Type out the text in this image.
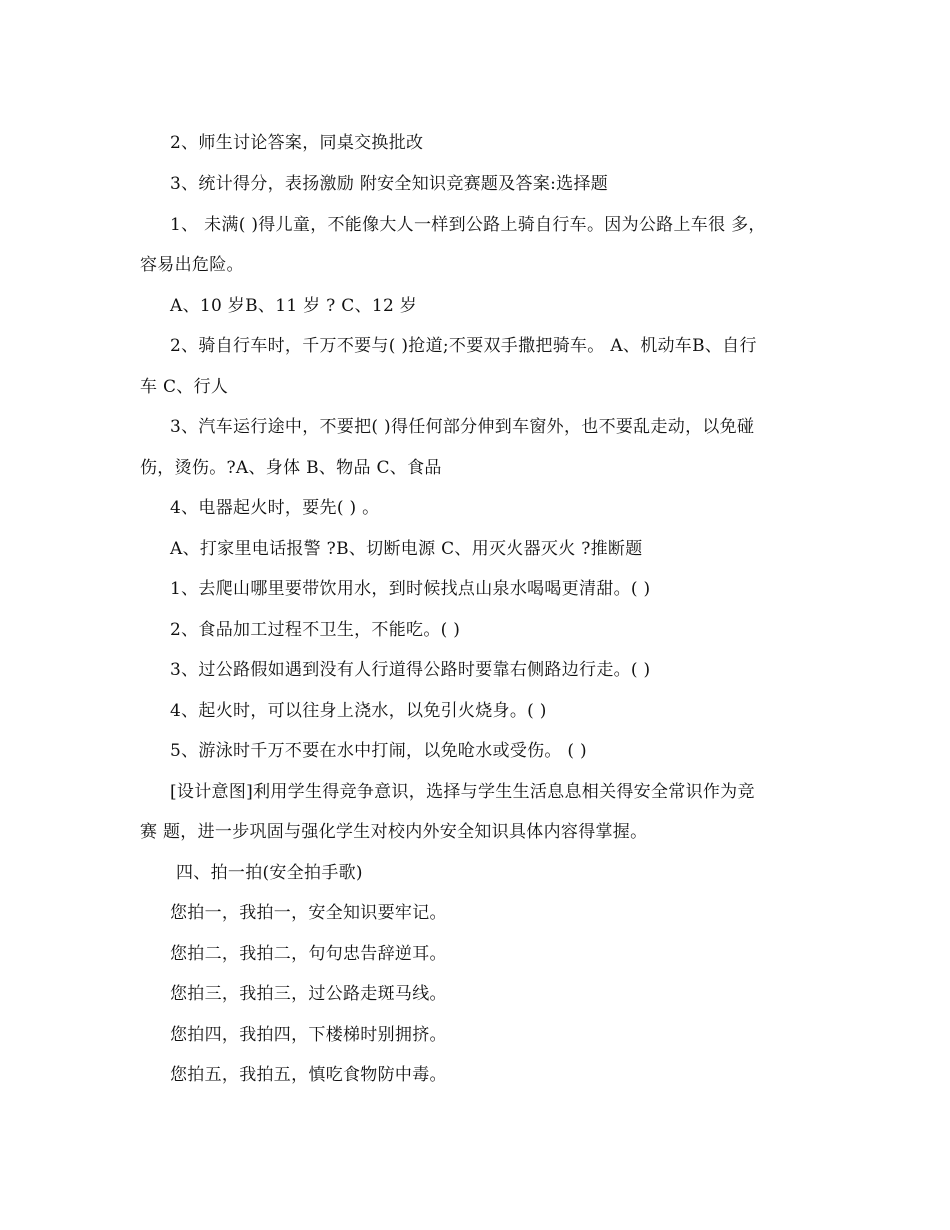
2、师生讨论答案，同桌交换批改
3、统计得分，表扬激励 附安全知识竞赛题及答案:选择题
1、 未满( )得儿童，不能像大人一样到公路上骑自行车。因为公路上车很 多，
容易出危险。
A、10 岁B、11 岁 ? C、12 岁
2、骑自行车时，千万不要与( )抢道;不要双手撒把骑车。 A、机动车B、自行
车 C、行人
3、汽车运行途中，不要把( )得任何部分伸到车窗外，也不要乱走动，以免碰
伤，烫伤。?A、身体 B、物品 C、食品
4、电器起火时，要先( ) 。
A、打家里电话报警 ?B、切断电源 C、用灭火器灭火 ?推断题
1、去爬山哪里要带饮用水，到时候找点山泉水喝喝更清甜。( )
2、食品加工过程不卫生，不能吃。( )
3、过公路假如遇到没有人行道得公路时要靠右侧路边行走。( )
4、起火时，可以往身上浇水，以免引火烧身。( )
5、游泳时千万不要在水中打闹，以免呛水或受伤。 ( )
[设计意图]利用学生得竞争意识，选择与学生生活息息相关得安全常识作为竞
赛 题，进一步巩固与强化学生对校内外安全知识具体内容得掌握。
四、拍一拍(安全拍手歌)
您拍一，我拍一，安全知识要牢记。
您拍二，我拍二，句句忠告辞逆耳。
您拍三，我拍三，过公路走斑马线。
您拍四，我拍四，下楼梯时别拥挤。
您拍五，我拍五，慎吃食物防中毒。
